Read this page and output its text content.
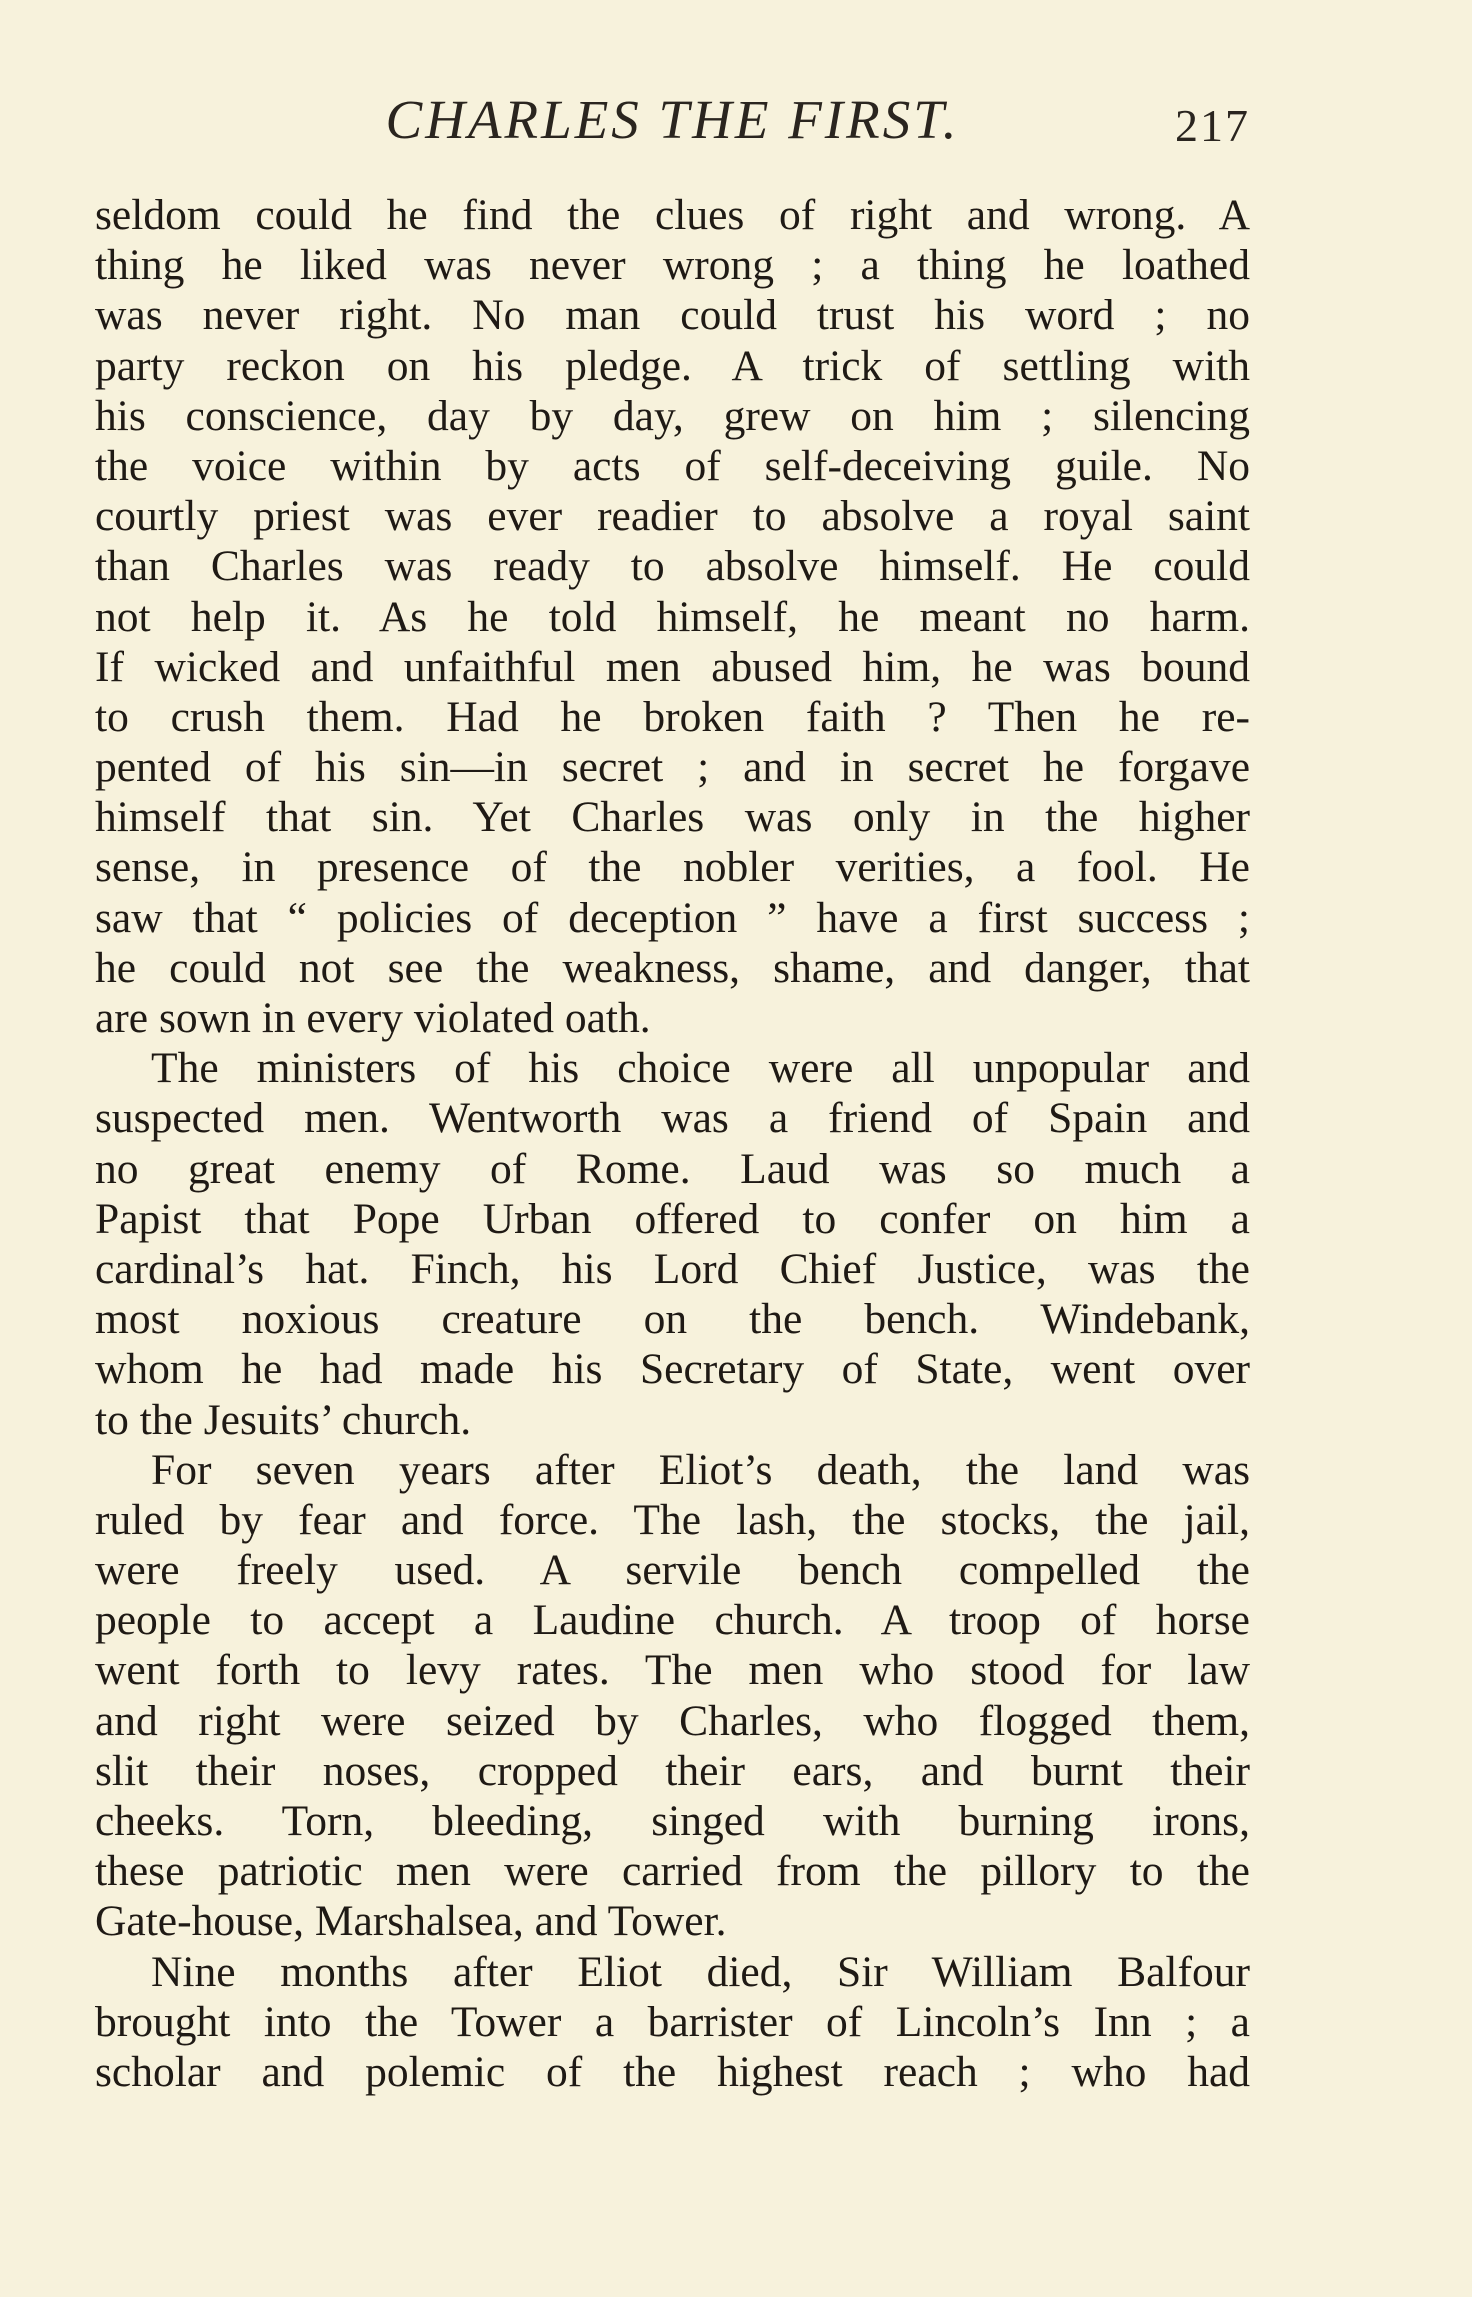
CHARLES THE FIRST.	217
seldom could he find the clues of right and wrong. A
thing he liked was never wrong ; a thing he loathed
was never right. No man could trust his word ; no
party reckon on his pledge. A trick of settling with
his conscience, day by day, grew on him ; silencing
the voice within by acts of self-deceiving guile. No
courtly priest was ever readier to absolve a royal saint
than Charles was ready to absolve himself. He could
not help it. As he told himself, he meant no harm.
If wicked and unfaithful men abused him, he was bound
to crush them. Had he broken faith ? Then he re-
pented of his sin—in secret ; and in secret he forgave
himself that sin. Yet Charles was only in the higher
sense, in presence of the nobler verities, a fool. He
saw that “ policies of deception ” have a first success ;
he could not see the weakness, shame, and danger, that
are sown in every violated oath.
The ministers of his choice were all unpopular and
suspected men. Wentworth was a friend of Spain and
no great enemy of Rome. Laud was so much a
Papist that Pope Urban offered to confer on him a
cardinal’s hat. Finch, his Lord Chief Justice, was the
most noxious creature on the bench. Windebank,
whom he had made his Secretary of State, went over
to the Jesuits’ church.
For seven years after Eliot’s death, the land was
ruled by fear and force. The lash, the stocks, the jail,
were freely used. A servile bench compelled the
people to accept a Laudine church. A troop of horse
went forth to levy rates. The men who stood for law
and right were seized by Charles, who flogged them,
slit their noses, cropped their ears, and burnt their
cheeks. Torn, bleeding, singed with burning irons,
these patriotic men were carried from the pillory to the
Gate-house, Marshalsea, and Tower.
Nine months after Eliot died, Sir William Balfour
brought into the Tower a barrister of Lincoln’s Inn ; a
scholar and polemic of the highest reach ; who had
